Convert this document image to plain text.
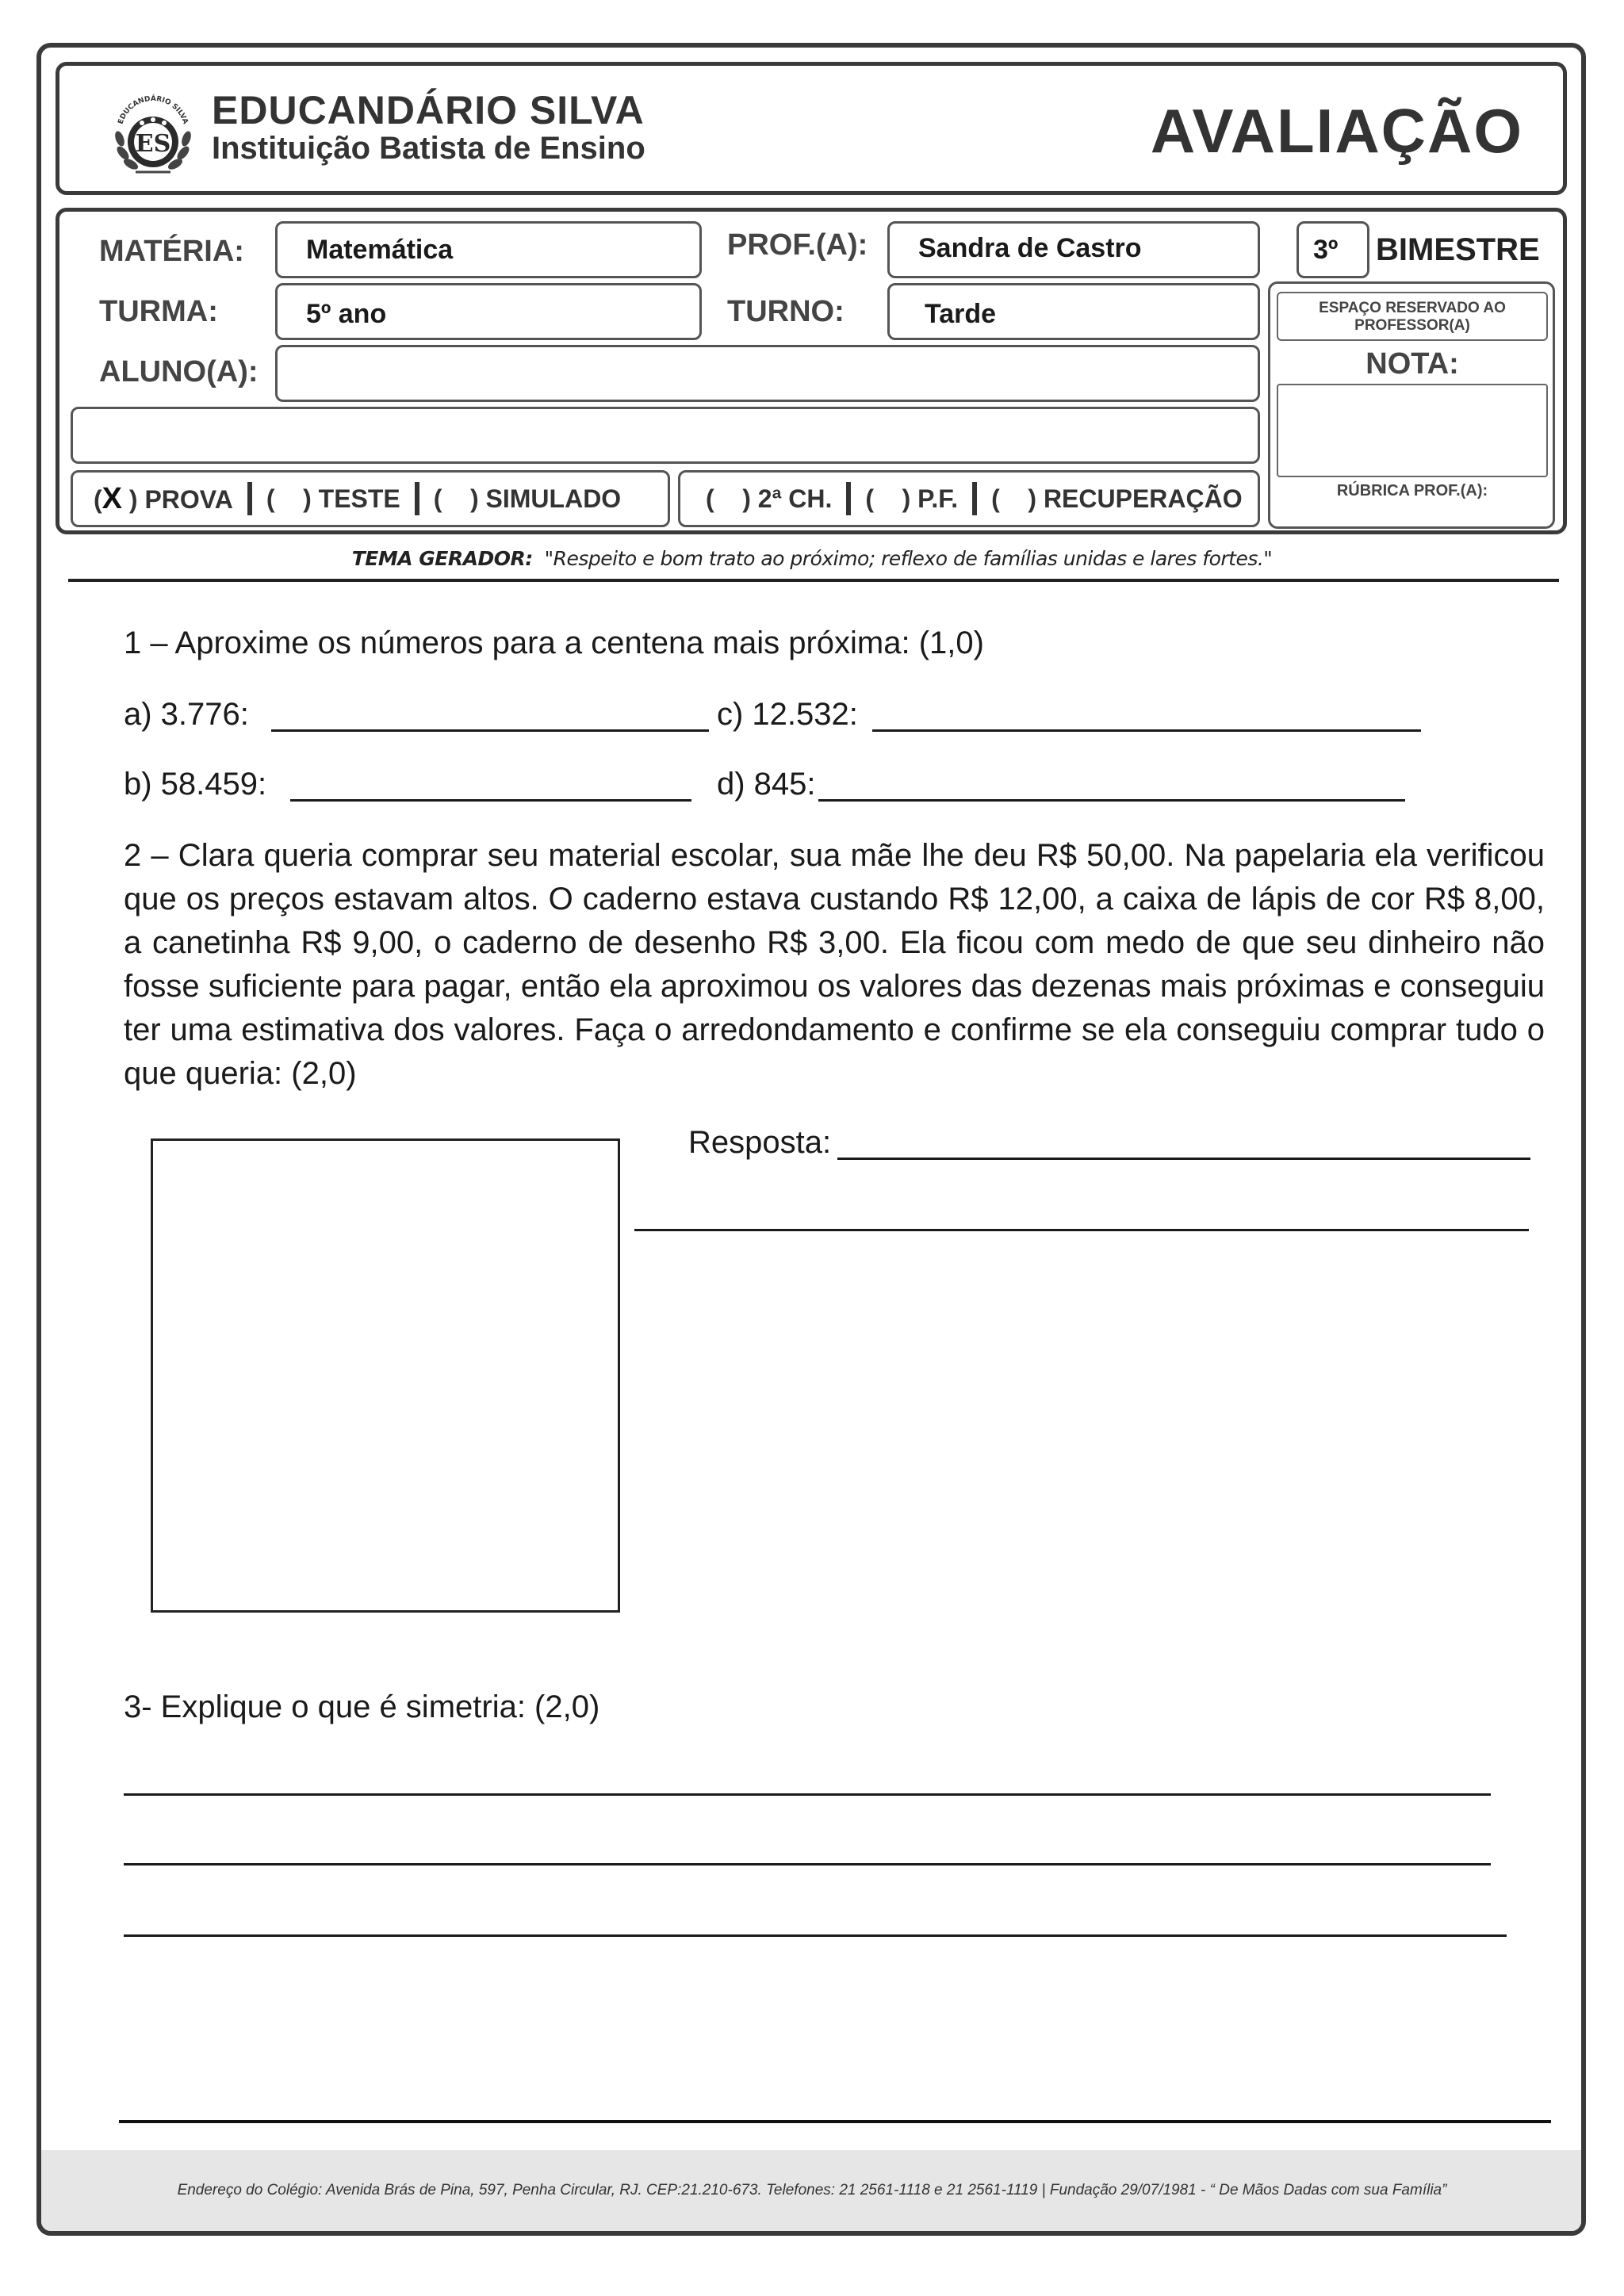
EDUCANDÁRIO SILVA
ES
EDUCANDÁRIO SILVA
Instituição Batista de Ensino	AVALIAÇÃO
MATÉRIA:	Matemática	PROF.(A):	Sandra de Castro	3º	BIMESTRE
TURMA:	5º ano	TURNO:	Tarde
ALUNO(A):
(X ) PROVA (    ) TESTE (    ) SIMULADO	(    ) 2ª CH. (    ) P.F. (    ) RECUPERAÇÃO
ESPAÇO RESERVADO AO PROFESSOR(A)
NOTA:
RÚBRICA PROF.(A):
TEMA GERADOR: "Respeito e bom trato ao próximo; reflexo de famílias unidas e lares fortes."
1 – Aproxime os números para a centena mais próxima: (1,0)
a) 3.776:	c) 12.532:
b) 58.459:	d) 845:
2 – Clara queria comprar seu material escolar, sua mãe lhe deu R$ 50,00. Na papelaria ela verificou que os preços estavam altos. O caderno estava custando R$ 12,00, a caixa de lápis de cor R$ 8,00, a canetinha R$ 9,00, o caderno de desenho R$ 3,00. Ela ficou com medo de que seu dinheiro não fosse suficiente para pagar, então ela aproximou os valores das dezenas mais próximas e conseguiu ter uma estimativa dos valores. Faça o arredondamento e confirme se ela conseguiu comprar tudo o que queria: (2,0)
Resposta:
3- Explique o que é simetria: (2,0)
Endereço do Colégio: Avenida Brás de Pina, 597, Penha Circular, RJ. CEP:21.210-673. Telefones: 21 2561-1118 e 21 2561-1119 | Fundação 29/07/1981 - “ De Mãos Dadas com sua Família”
